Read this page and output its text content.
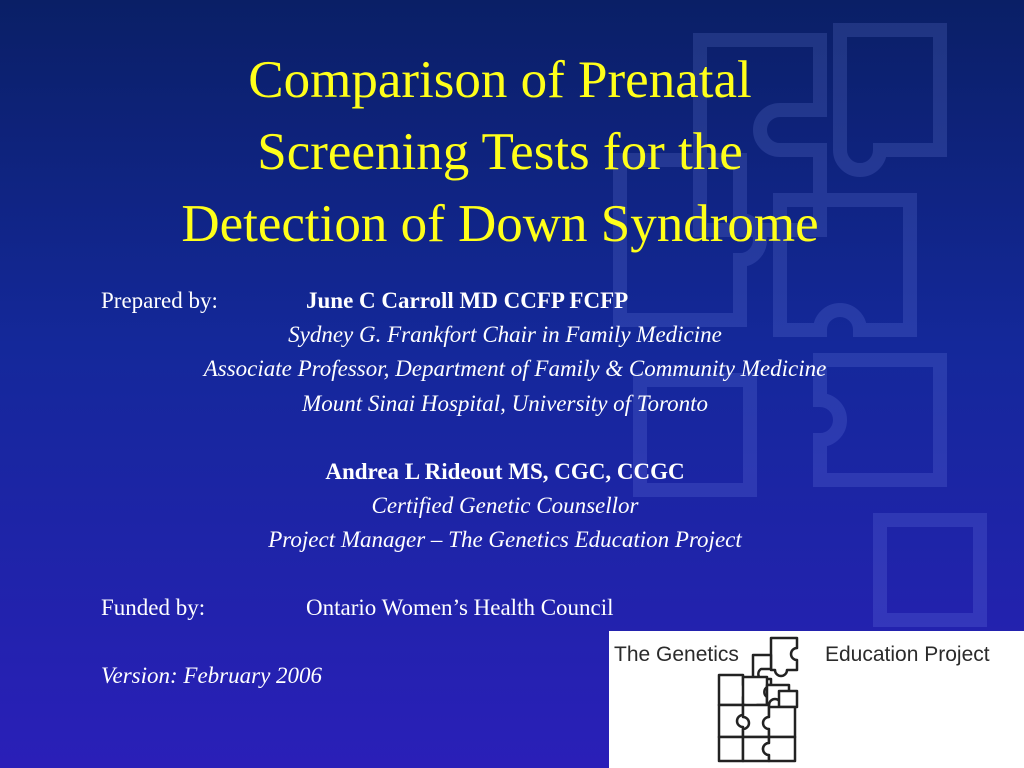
Comparison of Prenatal
Screening Tests for the
Detection of Down Syndrome
Prepared by:	June C Carroll MD CCFP FCFP
Sydney G. Frankfort Chair in Family Medicine
Associate Professor, Department of Family & Community Medicine
Mount Sinai Hospital, University of Toronto
Andrea L Rideout MS, CGC, CCGC
Certified Genetic Counsellor
Project Manager – The Genetics Education Project
Funded by:	Ontario Women’s Health Council
Version: February 2006
The Genetics	Education Project
